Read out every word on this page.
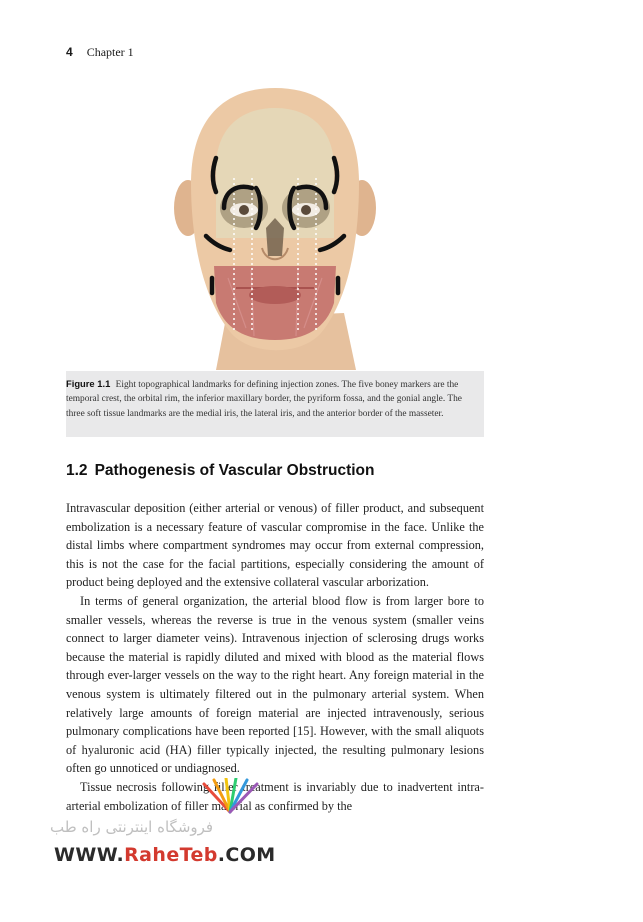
4 Chapter 1
Figure 1.1 Eight topographical landmarks for defining injection zones. The five boney markers are the temporal crest, the orbital rim, the inferior maxillary border, the pyriform fossa, and the gonial angle. The three soft tissue landmarks are the medial iris, the lateral iris, and the anterior border of the masseter.
1.2 Pathogenesis of Vascular Obstruction

Intravascular deposition (either arterial or venous) of filler product, and subsequent embolization is a necessary feature of vascular compromise in the face. Unlike the distal limbs where compartment syndromes may occur from external compression, this is not the case for the facial partitions, especially considering the amount of product being deployed and the extensive collateral vascular arborization.

In terms of general organization, the arterial blood flow is from larger bore to smaller vessels, whereas the reverse is true in the venous system (smaller veins connect to larger diameter veins). Intravenous injection of sclerosing drugs works because the material is rapidly diluted and mixed with blood as the material flows through ever-larger vessels on the way to the right heart. Any foreign material in the venous system is ultimately filtered out in the pulmonary arterial system. When relatively large amounts of foreign material are injected intravenously, serious pulmonary complications have been reported [15]. However, with the small aliquots of hyaluronic acid (HA) filler typically injected, the resulting pulmonary lesions often go unnoticed or undiagnosed.

Tissue necrosis following filler treatment is invariably due to inadvertent intra-arterial embolization of filler material as confirmed by the

فروشگاه اینترنتی راه طب
WWW.RaheTeb.COM
